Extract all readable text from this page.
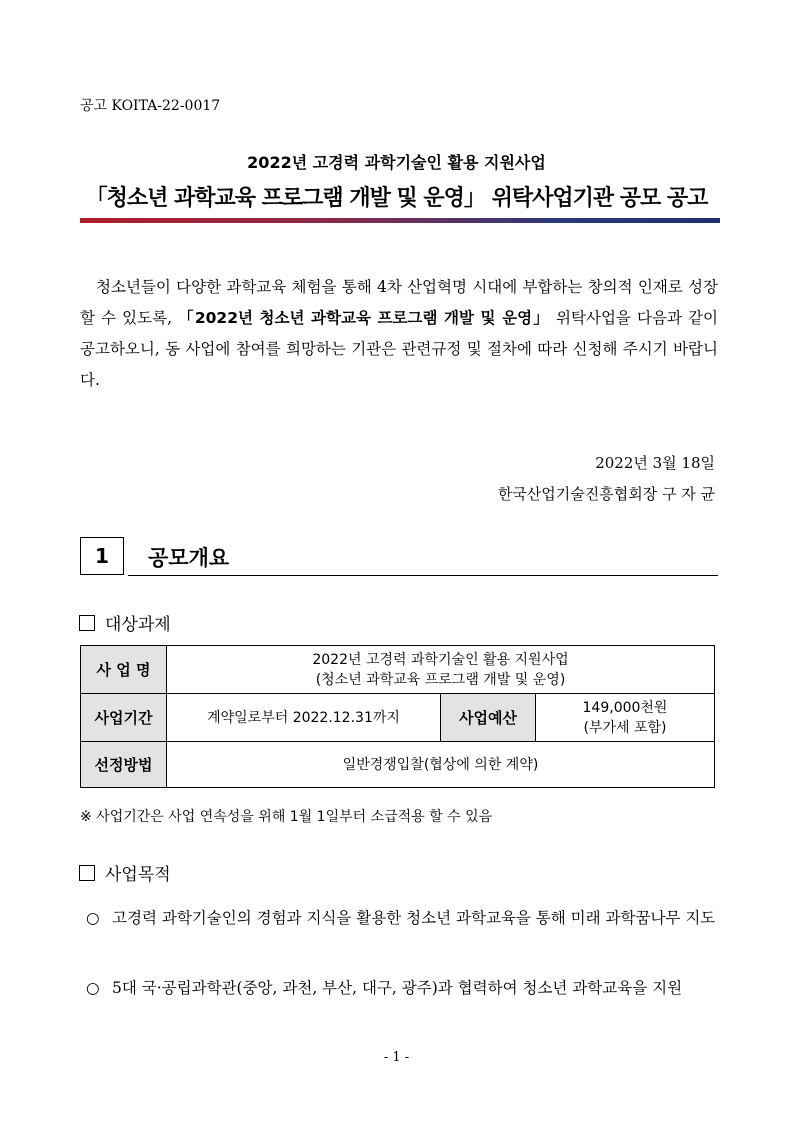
공고 KOITA-22-0017
2022년 고경력 과학기술인 활용 지원사업
「청소년 과학교육 프로그램 개발 및 운영」 위탁사업기관 공모 공고
청소년들이 다양한 과학교육 체험을 통해 4차 산업혁명 시대에 부합하는 창의적 인재로 성장할 수 있도록, 「2022년 청소년 과학교육 프로그램 개발 및 운영」 위탁사업을 다음과 같이 공고하오니, 동 사업에 참여를 희망하는 기관은 관련규정 및 절차에 따라 신청해 주시기 바랍니다.
2022년 3월 18일
한국산업기술진흥협회장 구 자 균
1	공모개요
대상과제
사 업 명	2022년 고경력 과학기술인 활용 지원사업
(청소년 과학교육 프로그램 개발 및 운영)		

사업기간	계약일로부터 2022.12.31까지	사업예산	149,000천원
(부가세 포함)

선정방법	일반경쟁입찰(협상에 의한 계약)		
※ 사업기간은 사업 연속성을 위해 1월 1일부터 소급적용 할 수 있음
사업목적
○ 고경력 과학기술인의 경험과 지식을 활용한 청소년 과학교육을 통해 미래 과학꿈나무 지도
○ 5대 국·공립과학관(중앙, 과천, 부산, 대구, 광주)과 협력하여 청소년 과학교육을 지원
- 1 -
